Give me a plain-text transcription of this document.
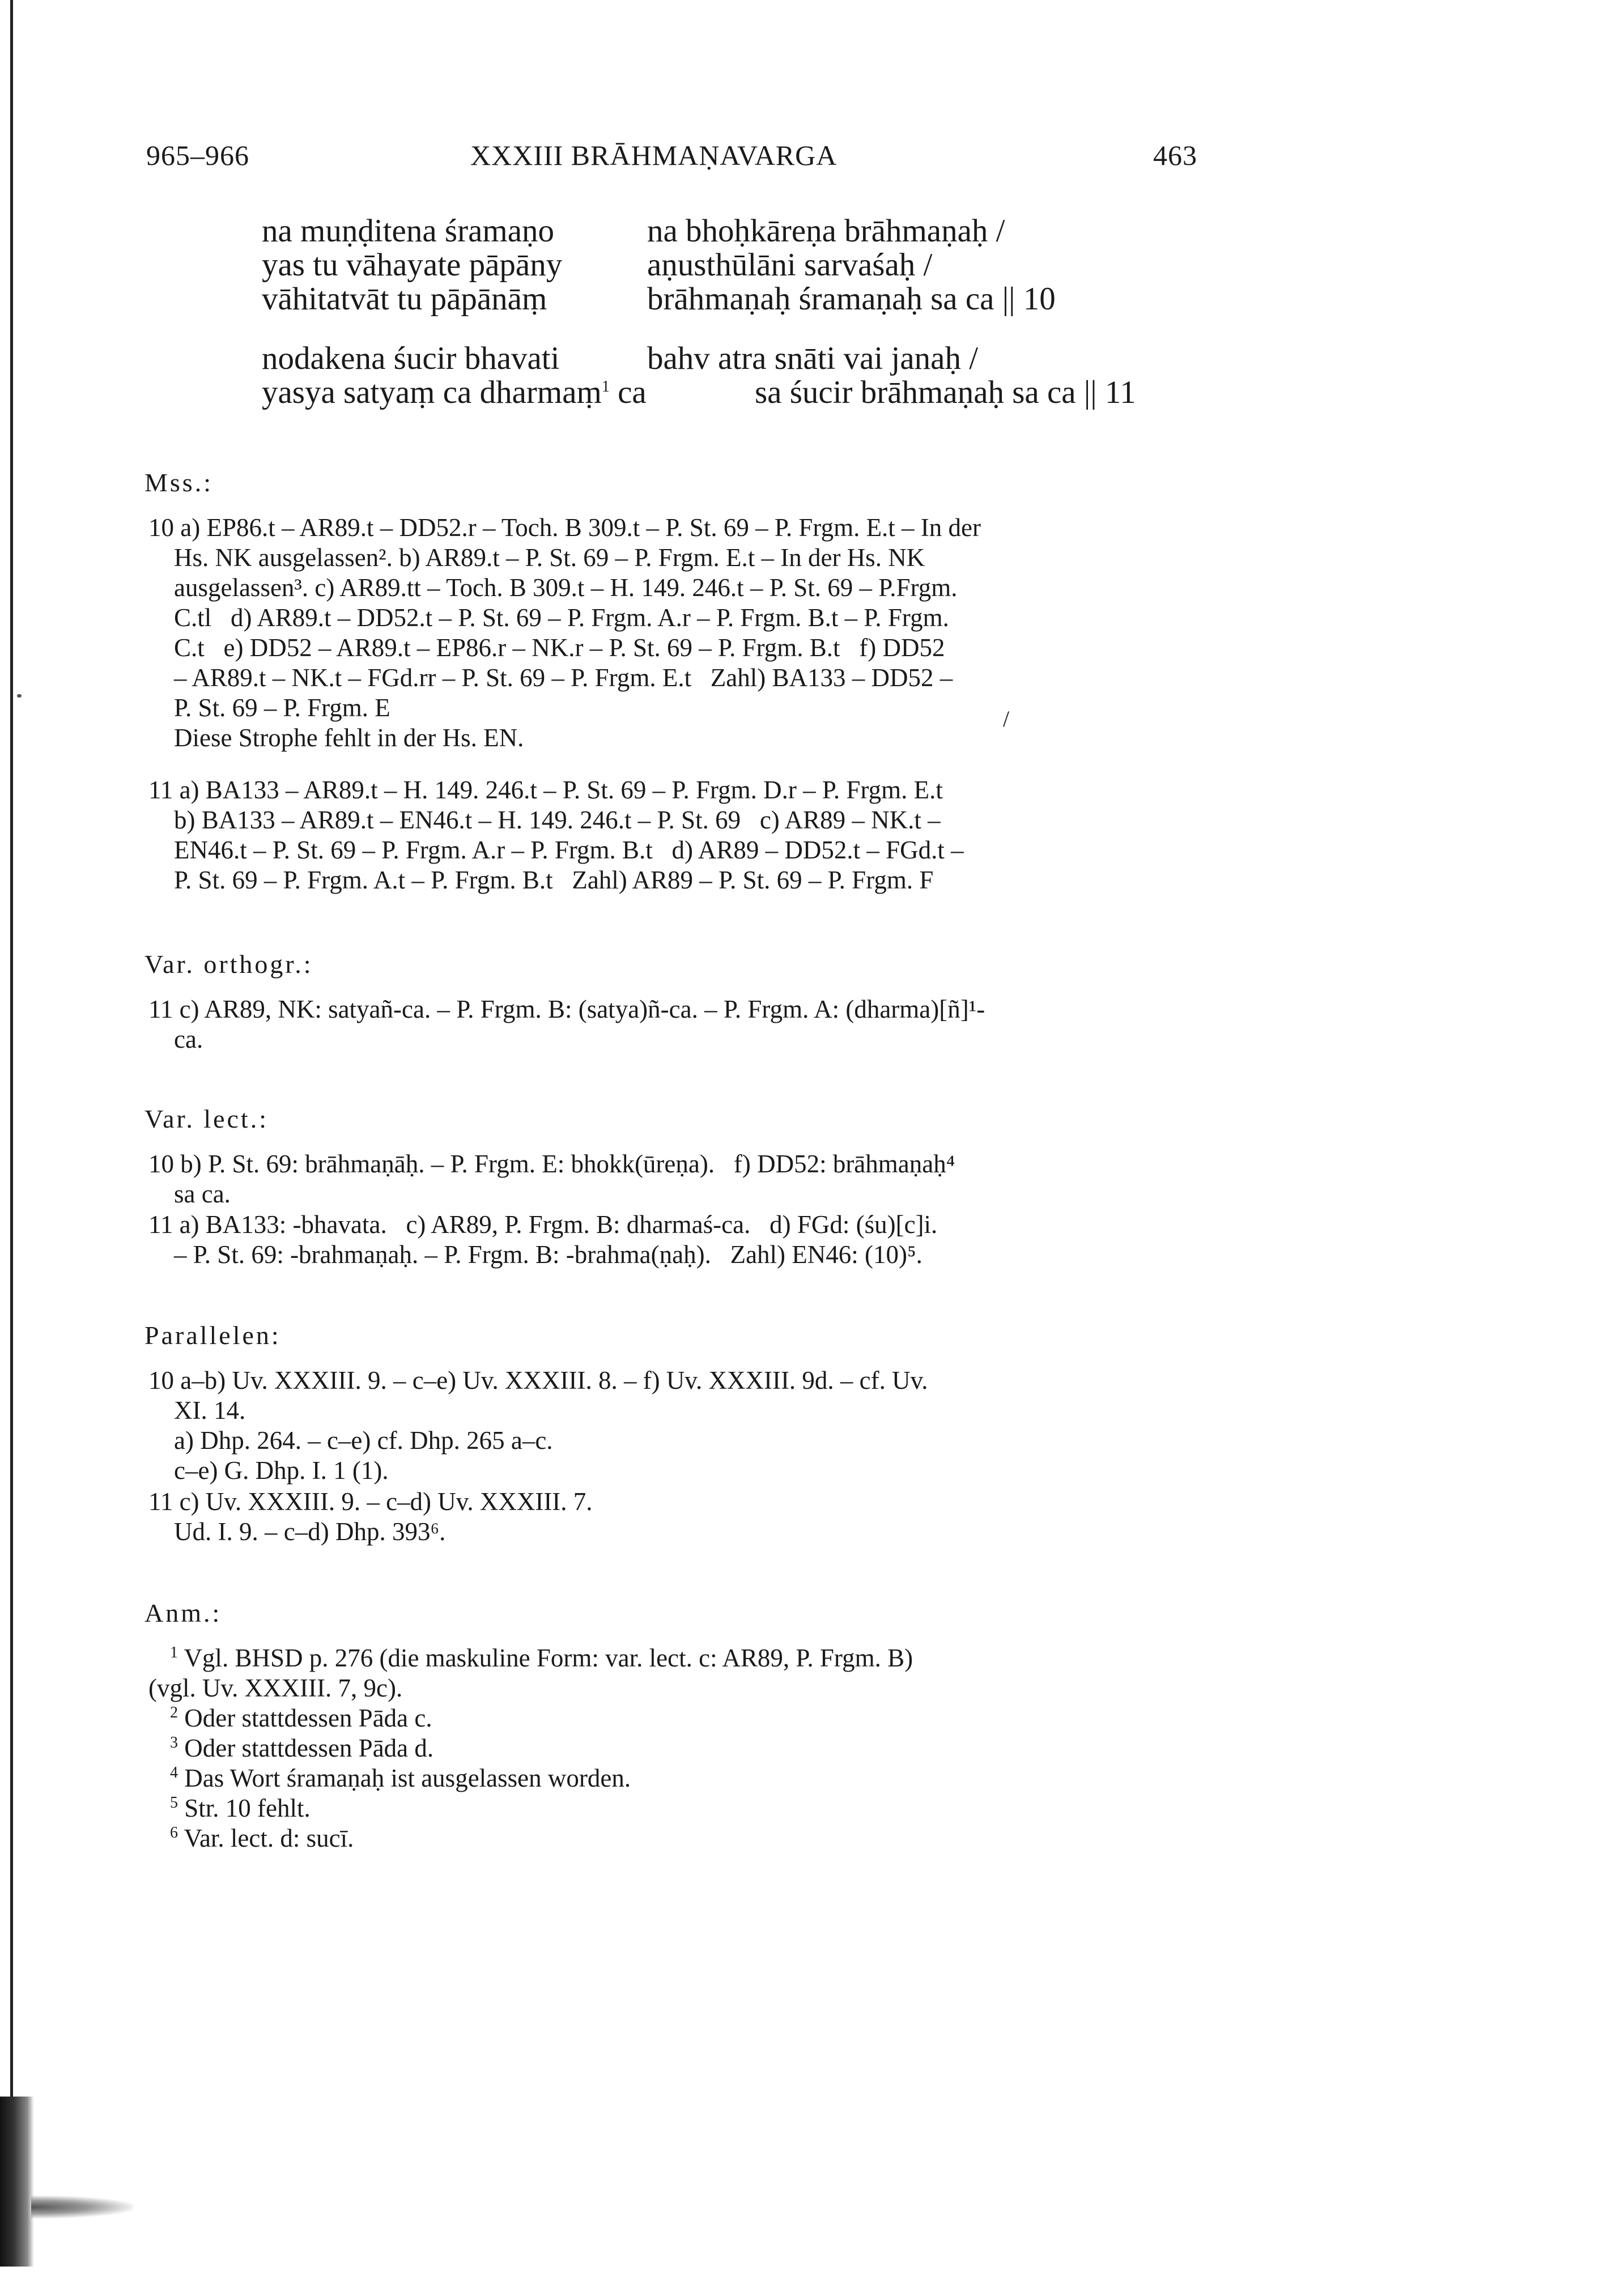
965–966	XXXIII BRĀHMAṆAVARGA	463
na muṇḍitena śramaṇo	na bhoḥkāreṇa brāhmaṇaḥ /
yas tu vāhayate pāpāny	aṇusthūlāni sarvaśaḥ /
vāhitatvāt tu pāpānāṃ	brāhmaṇaḥ śramaṇaḥ sa ca || 10
nodakena śucir bhavati	bahv atra snāti vai janaḥ /
yasya satyaṃ ca dharmaṃ$^1$ ca	sa śucir brāhmaṇaḥ sa ca || 11
Mss.:
10 a) EP86.t – AR89.t – DD52.r – Toch. B 309.t – P. St. 69 – P. Frgm. E.t – In der
Hs. NK ausgelassen². b) AR89.t – P. St. 69 – P. Frgm. E.t – In der Hs. NK
ausgelassen³. c) AR89.tt – Toch. B 309.t – H. 149. 246.t – P. St. 69 – P.Frgm.
C.tl   d) AR89.t – DD52.t – P. St. 69 – P. Frgm. A.r – P. Frgm. B.t – P. Frgm.
C.t   e) DD52 – AR89.t – EP86.r – NK.r – P. St. 69 – P. Frgm. B.t   f) DD52
– AR89.t – NK.t – FGd.rr – P. St. 69 – P. Frgm. E.t   Zahl) BA133 – DD52 –
P. St. 69 – P. Frgm. E
Diese Strophe fehlt in der Hs. EN.
/
11 a) BA133 – AR89.t – H. 149. 246.t – P. St. 69 – P. Frgm. D.r – P. Frgm. E.t
b) BA133 – AR89.t – EN46.t – H. 149. 246.t – P. St. 69   c) AR89 – NK.t –
EN46.t – P. St. 69 – P. Frgm. A.r – P. Frgm. B.t   d) AR89 – DD52.t – FGd.t –
P. St. 69 – P. Frgm. A.t – P. Frgm. B.t   Zahl) AR89 – P. St. 69 – P. Frgm. F
Var. orthogr.:
11 c) AR89, NK: satyañ-ca. – P. Frgm. B: (satya)ñ-ca. – P. Frgm. A: (dharma)[ñ]¹-
ca.
Var. lect.:
10 b) P. St. 69: brāhmaṇāḥ. – P. Frgm. E: bhokk(ūreṇa).   f) DD52: brāhmaṇaḥ⁴
sa ca.
11 a) BA133: -bhavata.   c) AR89, P. Frgm. B: dharmaś-ca.   d) FGd: (śu)[c]i.
– P. St. 69: -brahmaṇaḥ. – P. Frgm. B: -brahma(ṇaḥ).   Zahl) EN46: (10)⁵.
Parallelen:
10 a–b) Uv. XXXIII. 9. – c–e) Uv. XXXIII. 8. – f) Uv. XXXIII. 9d. – cf. Uv.
XI. 14.
a) Dhp. 264. – c–e) cf. Dhp. 265 a–c.
c–e) G. Dhp. I. 1 (1).
11 c) Uv. XXXIII. 9. – c–d) Uv. XXXIII. 7.
Ud. I. 9. – c–d) Dhp. 393⁶.
Anm.:
$^1$ Vgl. BHSD p. 276 (die maskuline Form: var. lect. c: AR89, P. Frgm. B)
(vgl. Uv. XXXIII. 7, 9c).
$^2$ Oder stattdessen Pāda c.
$^3$ Oder stattdessen Pāda d.
$^4$ Das Wort śramaṇaḥ ist ausgelassen worden.
$^5$ Str. 10 fehlt.
$^6$ Var. lect. d: sucī.
